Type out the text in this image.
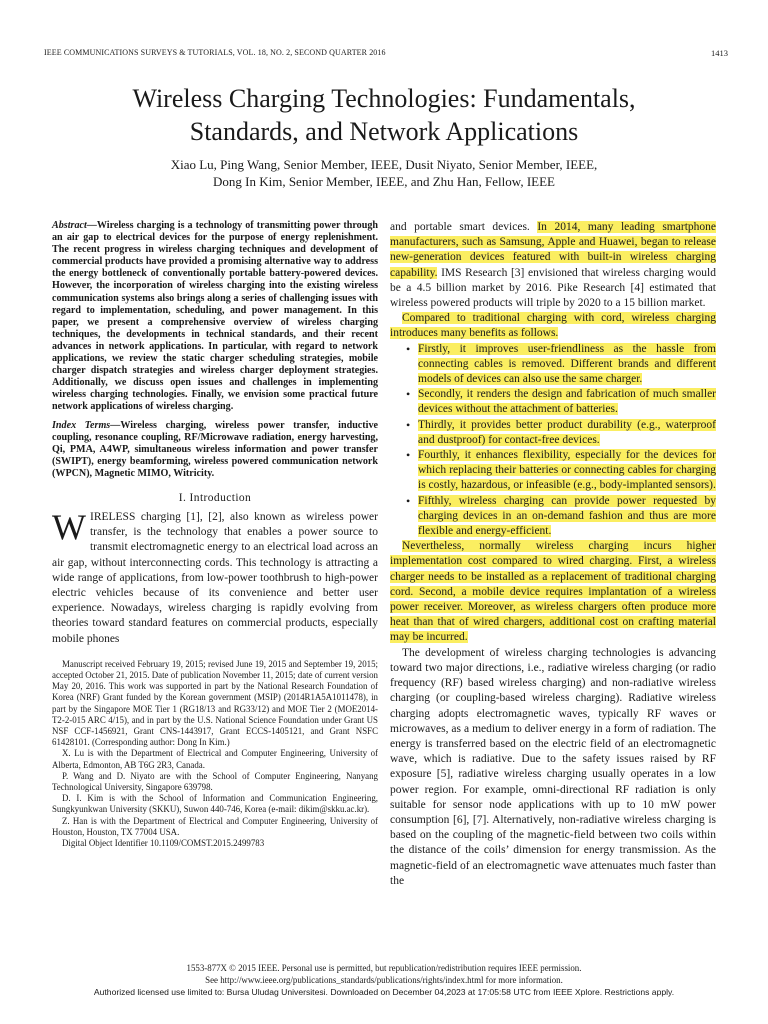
IEEE COMMUNICATIONS SURVEYS & TUTORIALS, VOL. 18, NO. 2, SECOND QUARTER 2016	1413
Wireless Charging Technologies: Fundamentals,
Standards, and Network Applications
Xiao Lu, Ping Wang, Senior Member, IEEE, Dusit Niyato, Senior Member, IEEE,
Dong In Kim, Senior Member, IEEE, and Zhu Han, Fellow, IEEE

Abstract—Wireless charging is a technology of transmitting power through an air gap to electrical devices for the purpose of energy replenishment. The recent progress in wireless charging techniques and development of commercial products have provided a promising alternative way to address the energy bottleneck of conventionally portable battery-powered devices. However, the incorporation of wireless charging into the existing wireless communication systems also brings along a series of challenging issues with regard to implementation, scheduling, and power management. In this paper, we present a comprehensive overview of wireless charging techniques, the developments in technical standards, and their recent advances in network applications. In particular, with regard to network applications, we review the static charger scheduling strategies, mobile charger dispatch strategies and wireless charger deployment strategies. Additionally, we discuss open issues and challenges in implementing wireless charging technologies. Finally, we envision some practical future network applications of wireless charging.

Index Terms—Wireless charging, wireless power transfer, inductive coupling, resonance coupling, RF/Microwave radiation, energy harvesting, Qi, PMA, A4WP, simultaneous wireless information and power transfer (SWIPT), energy beamforming, wireless powered communication network (WPCN), Magnetic MIMO, Witricity.

I. Introduction

WIRELESS charging [1], [2], also known as wireless power transfer, is the technology that enables a power source to transmit electromagnetic energy to an electrical load across an air gap, without interconnecting cords. This technology is attracting a wide range of applications, from low-power toothbrush to high-power electric vehicles because of its convenience and better user experience. Nowadays, wireless charging is rapidly evolving from theories toward standard features on commercial products, especially mobile phones

Manuscript received February 19, 2015; revised June 19, 2015 and September 19, 2015; accepted October 21, 2015. Date of publication November 11, 2015; date of current version May 20, 2016. This work was supported in part by the National Research Foundation of Korea (NRF) Grant funded by the Korean government (MSIP) (2014R1A5A1011478), in part by the Singapore MOE Tier 1 (RG18/13 and RG33/12) and MOE Tier 2 (MOE2014-T2-2-015 ARC 4/15), and in part by the U.S. National Science Foundation under Grant US NSF CCF-1456921, Grant CNS-1443917, Grant ECCS-1405121, and Grant NSFC 61428101. (Corresponding author: Dong In Kim.)

X. Lu is with the Department of Electrical and Computer Engineering, University of Alberta, Edmonton, AB T6G 2R3, Canada.

P. Wang and D. Niyato are with the School of Computer Engineering, Nanyang Technological University, Singapore 639798.

D. I. Kim is with the School of Information and Communication Engineering, Sungkyunkwan University (SKKU), Suwon 440-746, Korea (e-mail: dikim@skku.ac.kr).

Z. Han is with the Department of Electrical and Computer Engineering, University of Houston, Houston, TX 77004 USA.

Digital Object Identifier 10.1109/COMST.2015.2499783

and portable smart devices. In 2014, many leading smartphone manufacturers, such as Samsung, Apple and Huawei, began to release new-generation devices featured with built-in wireless charging capability. IMS Research [3] envisioned that wireless charging would be a 4.5 billion market by 2016. Pike Research [4] estimated that wireless powered products will triple by 2020 to a 15 billion market.

Compared to traditional charging with cord, wireless charging introduces many benefits as follows.

• Firstly, it improves user-friendliness as the hassle from connecting cables is removed. Different brands and different models of devices can also use the same charger.
• Secondly, it renders the design and fabrication of much smaller devices without the attachment of batteries.
• Thirdly, it provides better product durability (e.g., waterproof and dustproof) for contact-free devices.
• Fourthly, it enhances flexibility, especially for the devices for which replacing their batteries or connecting cables for charging is costly, hazardous, or infeasible (e.g., body-implanted sensors).
• Fifthly, wireless charging can provide power requested by charging devices in an on-demand fashion and thus are more flexible and energy-efficient.

Nevertheless, normally wireless charging incurs higher implementation cost compared to wired charging. First, a wireless charger needs to be installed as a replacement of traditional charging cord. Second, a mobile device requires implantation of a wireless power receiver. Moreover, as wireless chargers often produce more heat than that of wired chargers, additional cost on crafting material may be incurred.

The development of wireless charging technologies is advancing toward two major directions, i.e., radiative wireless charging (or radio frequency (RF) based wireless charging) and non-radiative wireless charging (or coupling-based wireless charging). Radiative wireless charging adopts electromagnetic waves, typically RF waves or microwaves, as a medium to deliver energy in a form of radiation. The energy is transferred based on the electric field of an electromagnetic wave, which is radiative. Due to the safety issues raised by RF exposure [5], radiative wireless charging usually operates in a low power region. For example, omni-directional RF radiation is only suitable for sensor node applications with up to 10 mW power consumption [6], [7]. Alternatively, non-radiative wireless charging is based on the coupling of the magnetic-field between two coils within the distance of the coils’ dimension for energy transmission. As the magnetic-field of an electromagnetic wave attenuates much faster than the

1553-877X © 2015 IEEE. Personal use is permitted, but republication/redistribution requires IEEE permission.
See http://www.ieee.org/publications_standards/publications/rights/index.html for more information.
Authorized licensed use limited to: Bursa Uludag Universitesi. Downloaded on December 04,2023 at 17:05:58 UTC from IEEE Xplore. Restrictions apply.
